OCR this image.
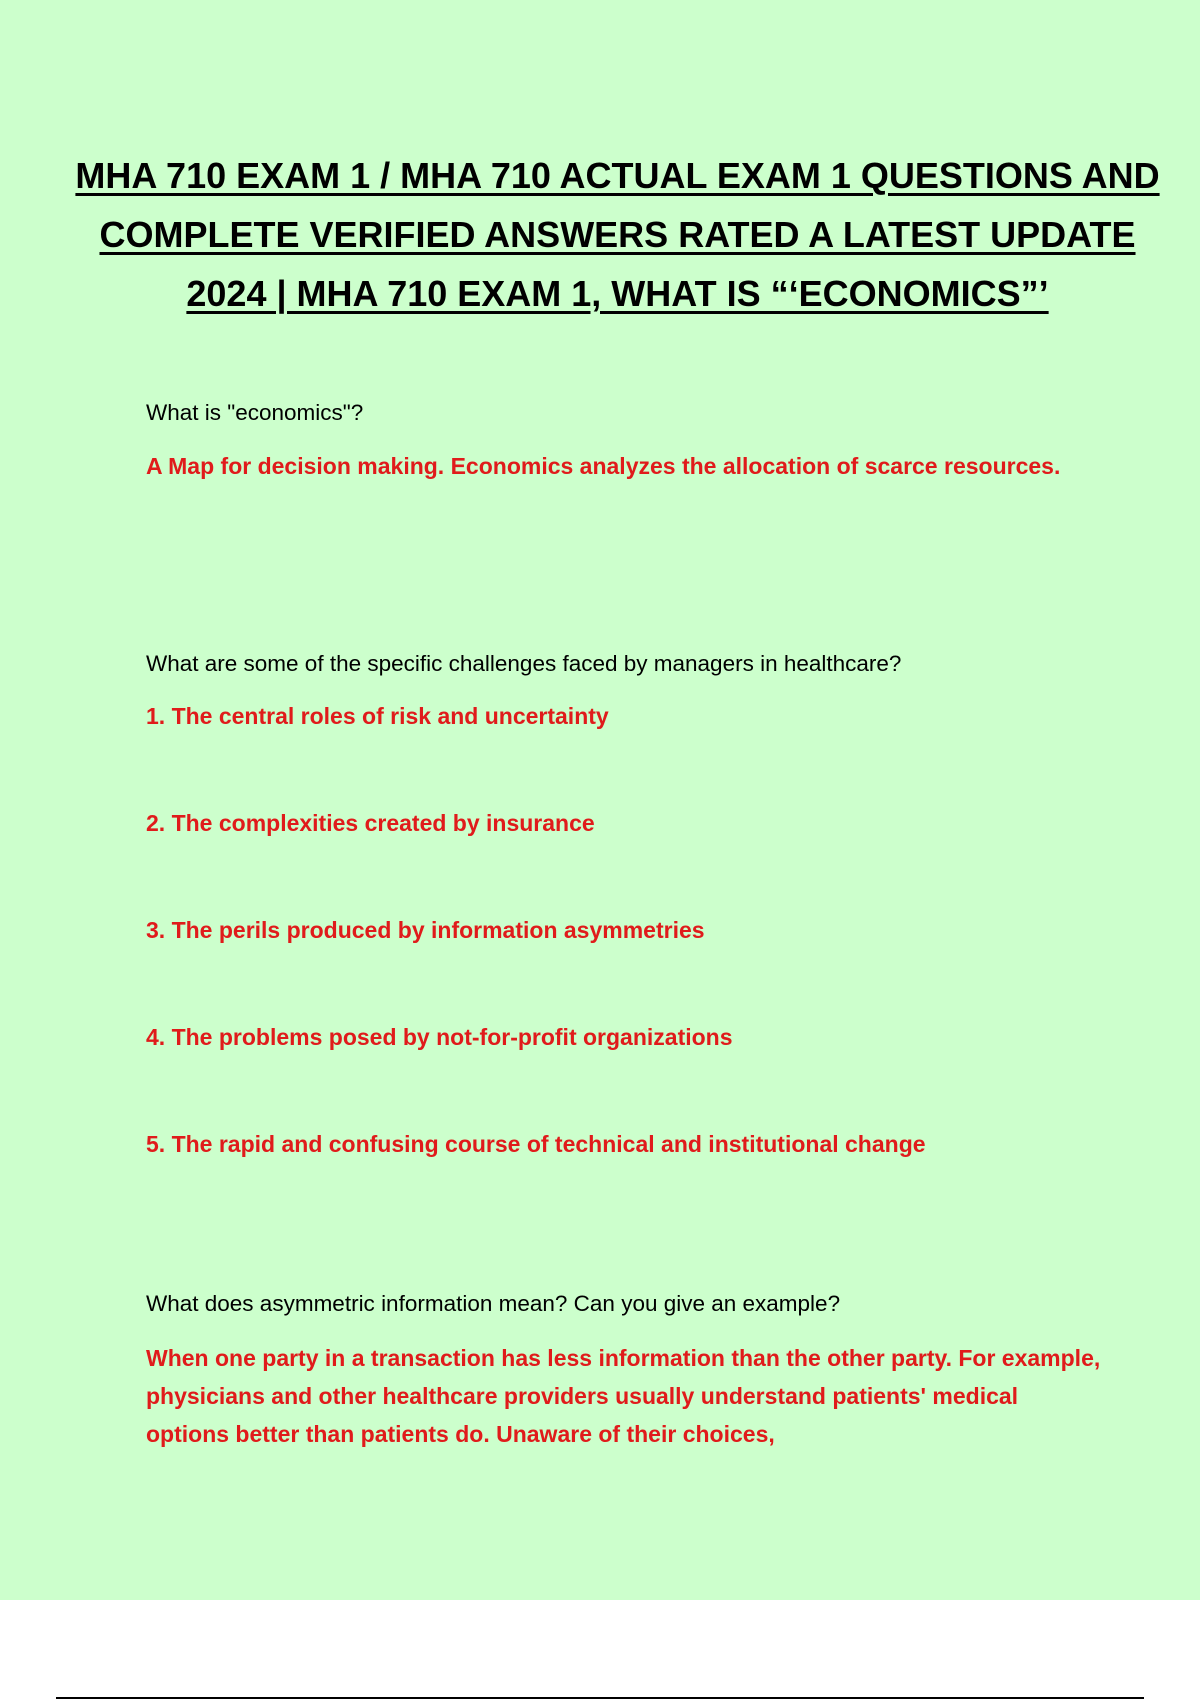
MHA 710 EXAM 1 / MHA 710 ACTUAL EXAM 1 QUESTIONS AND COMPLETE VERIFIED ANSWERS RATED A LATEST UPDATE 2024 | MHA 710 EXAM 1, WHAT IS “‘ECONOMICS”’

What is "economics"?

A Map for decision making. Economics analyzes the allocation of scarce resources.

What are some of the specific challenges faced by managers in healthcare?

1. The central roles of risk and uncertainty

2. The complexities created by insurance

3. The perils produced by information asymmetries

4. The problems posed by not-for-profit organizations

5. The rapid and confusing course of technical and institutional change

What does asymmetric information mean? Can you give an example?

When one party in a transaction has less information than the other party. For example, physicians and other healthcare providers usually understand patients' medical options better than patients do. Unaware of their choices,
